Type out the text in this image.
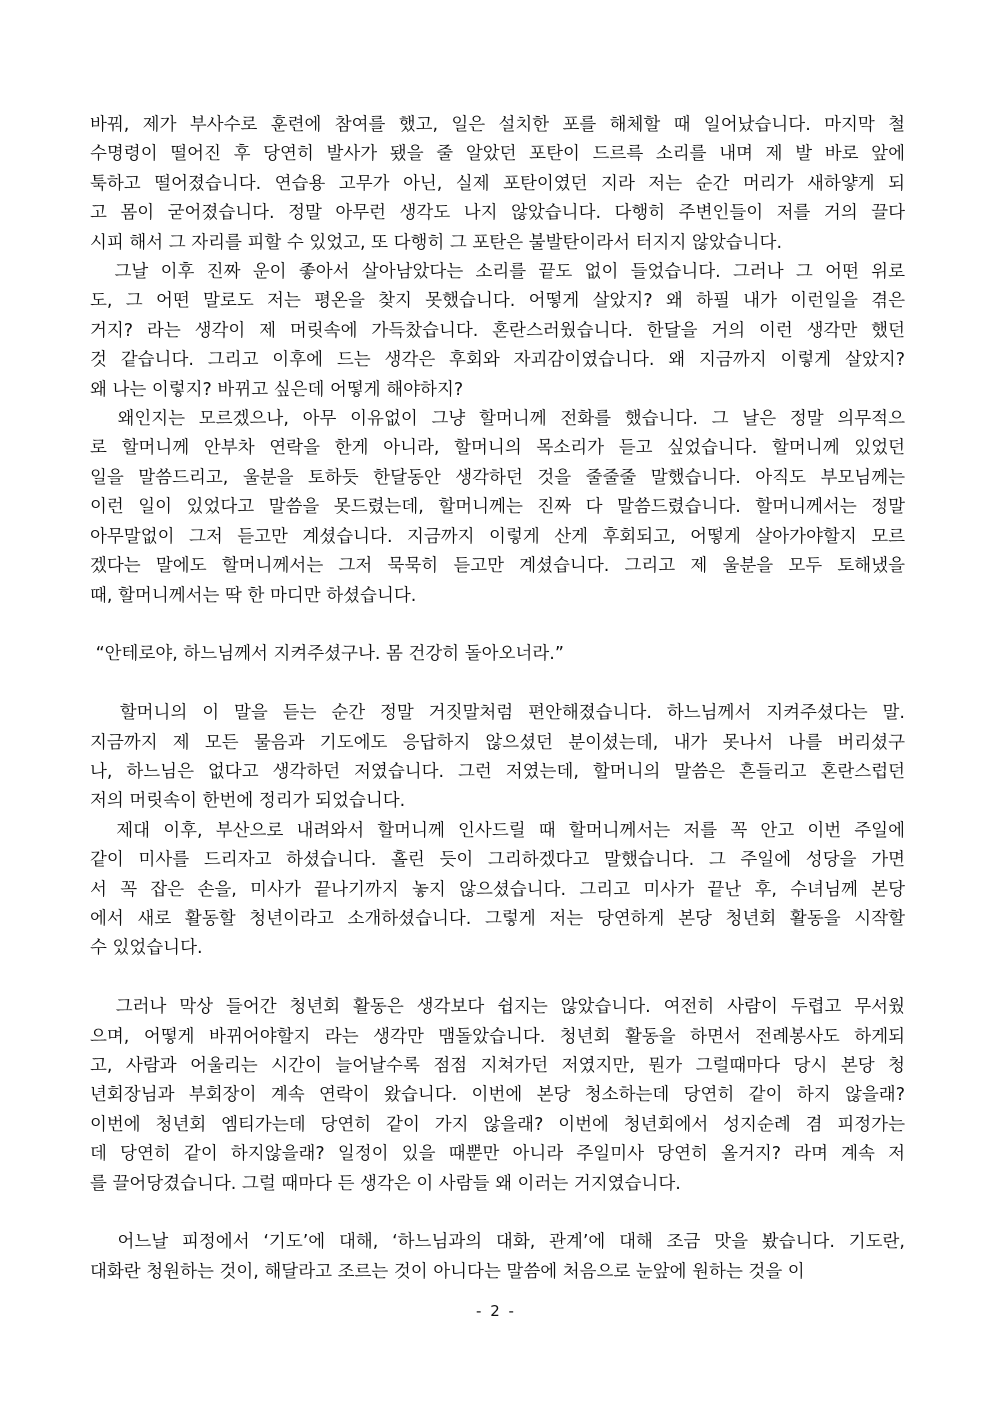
바꿔, 제가 부사수로 훈련에 참여를 했고, 일은 설치한 포를 해체할 때 일어났습니다. 마지막 철
수명령이 떨어진 후 당연히 발사가 됐을 줄 알았던 포탄이 드르륵 소리를 내며 제 발 바로 앞에
툭하고 떨어졌습니다. 연습용 고무가 아닌, 실제 포탄이였던 지라 저는 순간 머리가 새하얗게 되
고 몸이 굳어졌습니다. 정말 아무런 생각도 나지 않았습니다. 다행히 주변인들이 저를 거의 끌다
시피 해서 그 자리를 피할 수 있었고, 또 다행히 그 포탄은 불발탄이라서 터지지 않았습니다.
그날 이후 진짜 운이 좋아서 살아남았다는 소리를 끝도 없이 들었습니다. 그러나 그 어떤 위로
도, 그 어떤 말로도 저는 평온을 찾지 못했습니다. 어떻게 살았지? 왜 하필 내가 이런일을 겪은
거지? 라는 생각이 제 머릿속에 가득찼습니다. 혼란스러웠습니다. 한달을 거의 이런 생각만 했던
것 같습니다. 그리고 이후에 드는 생각은 후회와 자괴감이였습니다. 왜 지금까지 이렇게 살았지?
왜 나는 이렇지? 바뀌고 싶은데 어떻게 해야하지?
왜인지는 모르겠으나, 아무 이유없이 그냥 할머니께 전화를 했습니다. 그 날은 정말 의무적으
로 할머니께 안부차 연락을 한게 아니라, 할머니의 목소리가 듣고 싶었습니다. 할머니께 있었던
일을 말씀드리고, 울분을 토하듯 한달동안 생각하던 것을 줄줄줄 말했습니다. 아직도 부모님께는
이런 일이 있었다고 말씀을 못드렸는데, 할머니께는 진짜 다 말씀드렸습니다. 할머니께서는 정말
아무말없이 그저 듣고만 계셨습니다. 지금까지 이렇게 산게 후회되고, 어떻게 살아가야할지 모르
겠다는 말에도 할머니께서는 그저 묵묵히 듣고만 계셨습니다. 그리고 제 울분을 모두 토해냈을
때, 할머니께서는 딱 한 마디만 하셨습니다.
“안테로야, 하느님께서 지켜주셨구나. 몸 건강히 돌아오너라.”
할머니의 이 말을 듣는 순간 정말 거짓말처럼 편안해졌습니다. 하느님께서 지켜주셨다는 말.
지금까지 제 모든 물음과 기도에도 응답하지 않으셨던 분이셨는데, 내가 못나서 나를 버리셨구
나, 하느님은 없다고 생각하던 저였습니다. 그런 저였는데, 할머니의 말씀은 흔들리고 혼란스럽던
저의 머릿속이 한번에 정리가 되었습니다.
제대 이후, 부산으로 내려와서 할머니께 인사드릴 때 할머니께서는 저를 꼭 안고 이번 주일에
같이 미사를 드리자고 하셨습니다. 홀린 듯이 그리하겠다고 말했습니다. 그 주일에 성당을 가면
서 꼭 잡은 손을, 미사가 끝나기까지 놓지 않으셨습니다. 그리고 미사가 끝난 후, 수녀님께 본당
에서 새로 활동할 청년이라고 소개하셨습니다. 그렇게 저는 당연하게 본당 청년회 활동을 시작할
수 있었습니다.
그러나 막상 들어간 청년회 활동은 생각보다 쉽지는 않았습니다. 여전히 사람이 두렵고 무서웠
으며, 어떻게 바뀌어야할지 라는 생각만 맴돌았습니다. 청년회 활동을 하면서 전례봉사도 하게되
고, 사람과 어울리는 시간이 늘어날수록 점점 지쳐가던 저였지만, 뭔가 그럴때마다 당시 본당 청
년회장님과 부회장이 계속 연락이 왔습니다. 이번에 본당 청소하는데 당연히 같이 하지 않을래?
이번에 청년회 엠티가는데 당연히 같이 가지 않을래? 이번에 청년회에서 성지순례 겸 피정가는
데 당연히 같이 하지않을래? 일정이 있을 때뿐만 아니라 주일미사 당연히 올거지? 라며 계속 저
를 끌어당겼습니다. 그럴 때마다 든 생각은 이 사람들 왜 이러는 거지였습니다.
어느날 피정에서 ‘기도’에 대해, ‘하느님과의 대화, 관계’에 대해 조금 맛을 봤습니다. 기도란,
대화란 청원하는 것이, 해달라고 조르는 것이 아니다는 말씀에 처음으로 눈앞에 원하는 것을 이
- 2 -
